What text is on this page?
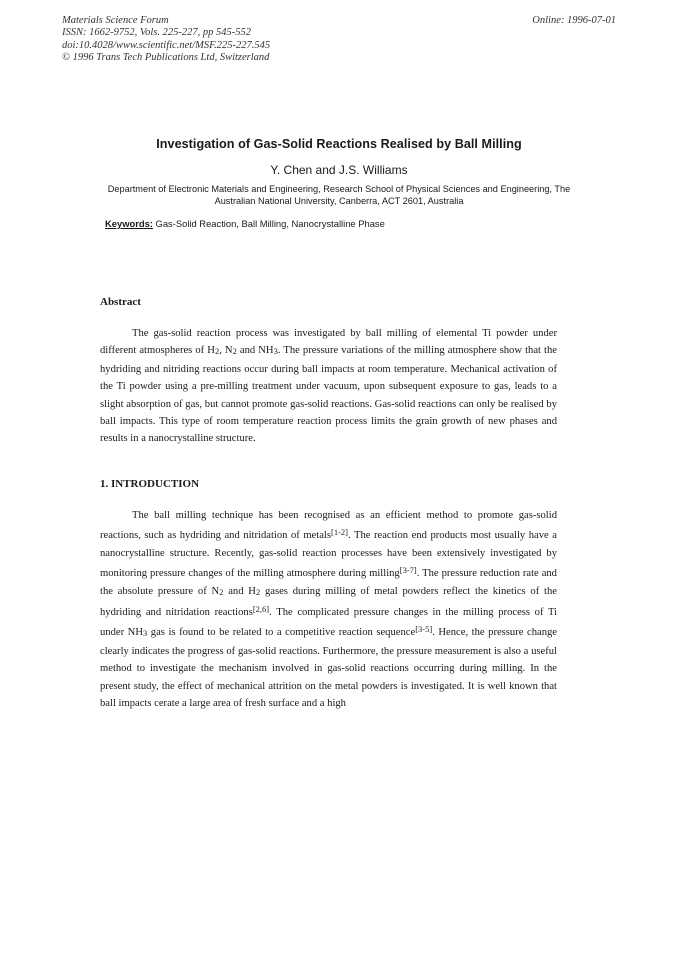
Materials Science Forum
ISSN: 1662-9752, Vols. 225-227, pp 545-552
doi:10.4028/www.scientific.net/MSF.225-227.545
© 1996 Trans Tech Publications Ltd, Switzerland
Online: 1996-07-01
Investigation of Gas-Solid Reactions Realised by Ball Milling
Y. Chen and J.S. Williams
Department of Electronic Materials and Engineering, Research School of Physical Sciences and Engineering, The Australian National University, Canberra, ACT 2601, Australia
Keywords: Gas-Solid Reaction, Ball Milling, Nanocrystalline Phase
Abstract
The gas-solid reaction process was investigated by ball milling of elemental Ti powder under different atmospheres of $H_2$, $N_2$ and $NH_3$. The pressure variations of the milling atmosphere show that the hydriding and nitriding reactions occur during ball impacts at room temperature. Mechanical activation of the Ti powder using a pre-milling treatment under vacuum, upon subsequent exposure to gas, leads to a slight absorption of gas, but cannot promote gas-solid reactions. Gas-solid reactions can only be realised by ball impacts. This type of room temperature reaction process limits the grain growth of new phases and results in a nanocrystalline structure.
1. INTRODUCTION
The ball milling technique has been recognised as an efficient method to promote gas-solid reactions, such as hydriding and nitridation of metals[1-2]. The reaction end products most usually have a nanocrystalline structure. Recently, gas-solid reaction processes have been extensively investigated by monitoring pressure changes of the milling atmosphere during milling[3-7]. The pressure reduction rate and the absolute pressure of $N_2$ and $H_2$ gases during milling of metal powders reflect the kinetics of the hydriding and nitridation reactions[2,6]. The complicated pressure changes in the milling process of Ti under $NH_3$ gas is found to be related to a competitive reaction sequence[3-5]. Hence, the pressure change clearly indicates the progress of gas-solid reactions. Furthermore, the pressure measurement is also a useful method to investigate the mechanism involved in gas-solid reactions occurring during milling. In the present study, the effect of mechanical attrition on the metal powders is investigated. It is well known that ball impacts cerate a large area of fresh surface and a high
